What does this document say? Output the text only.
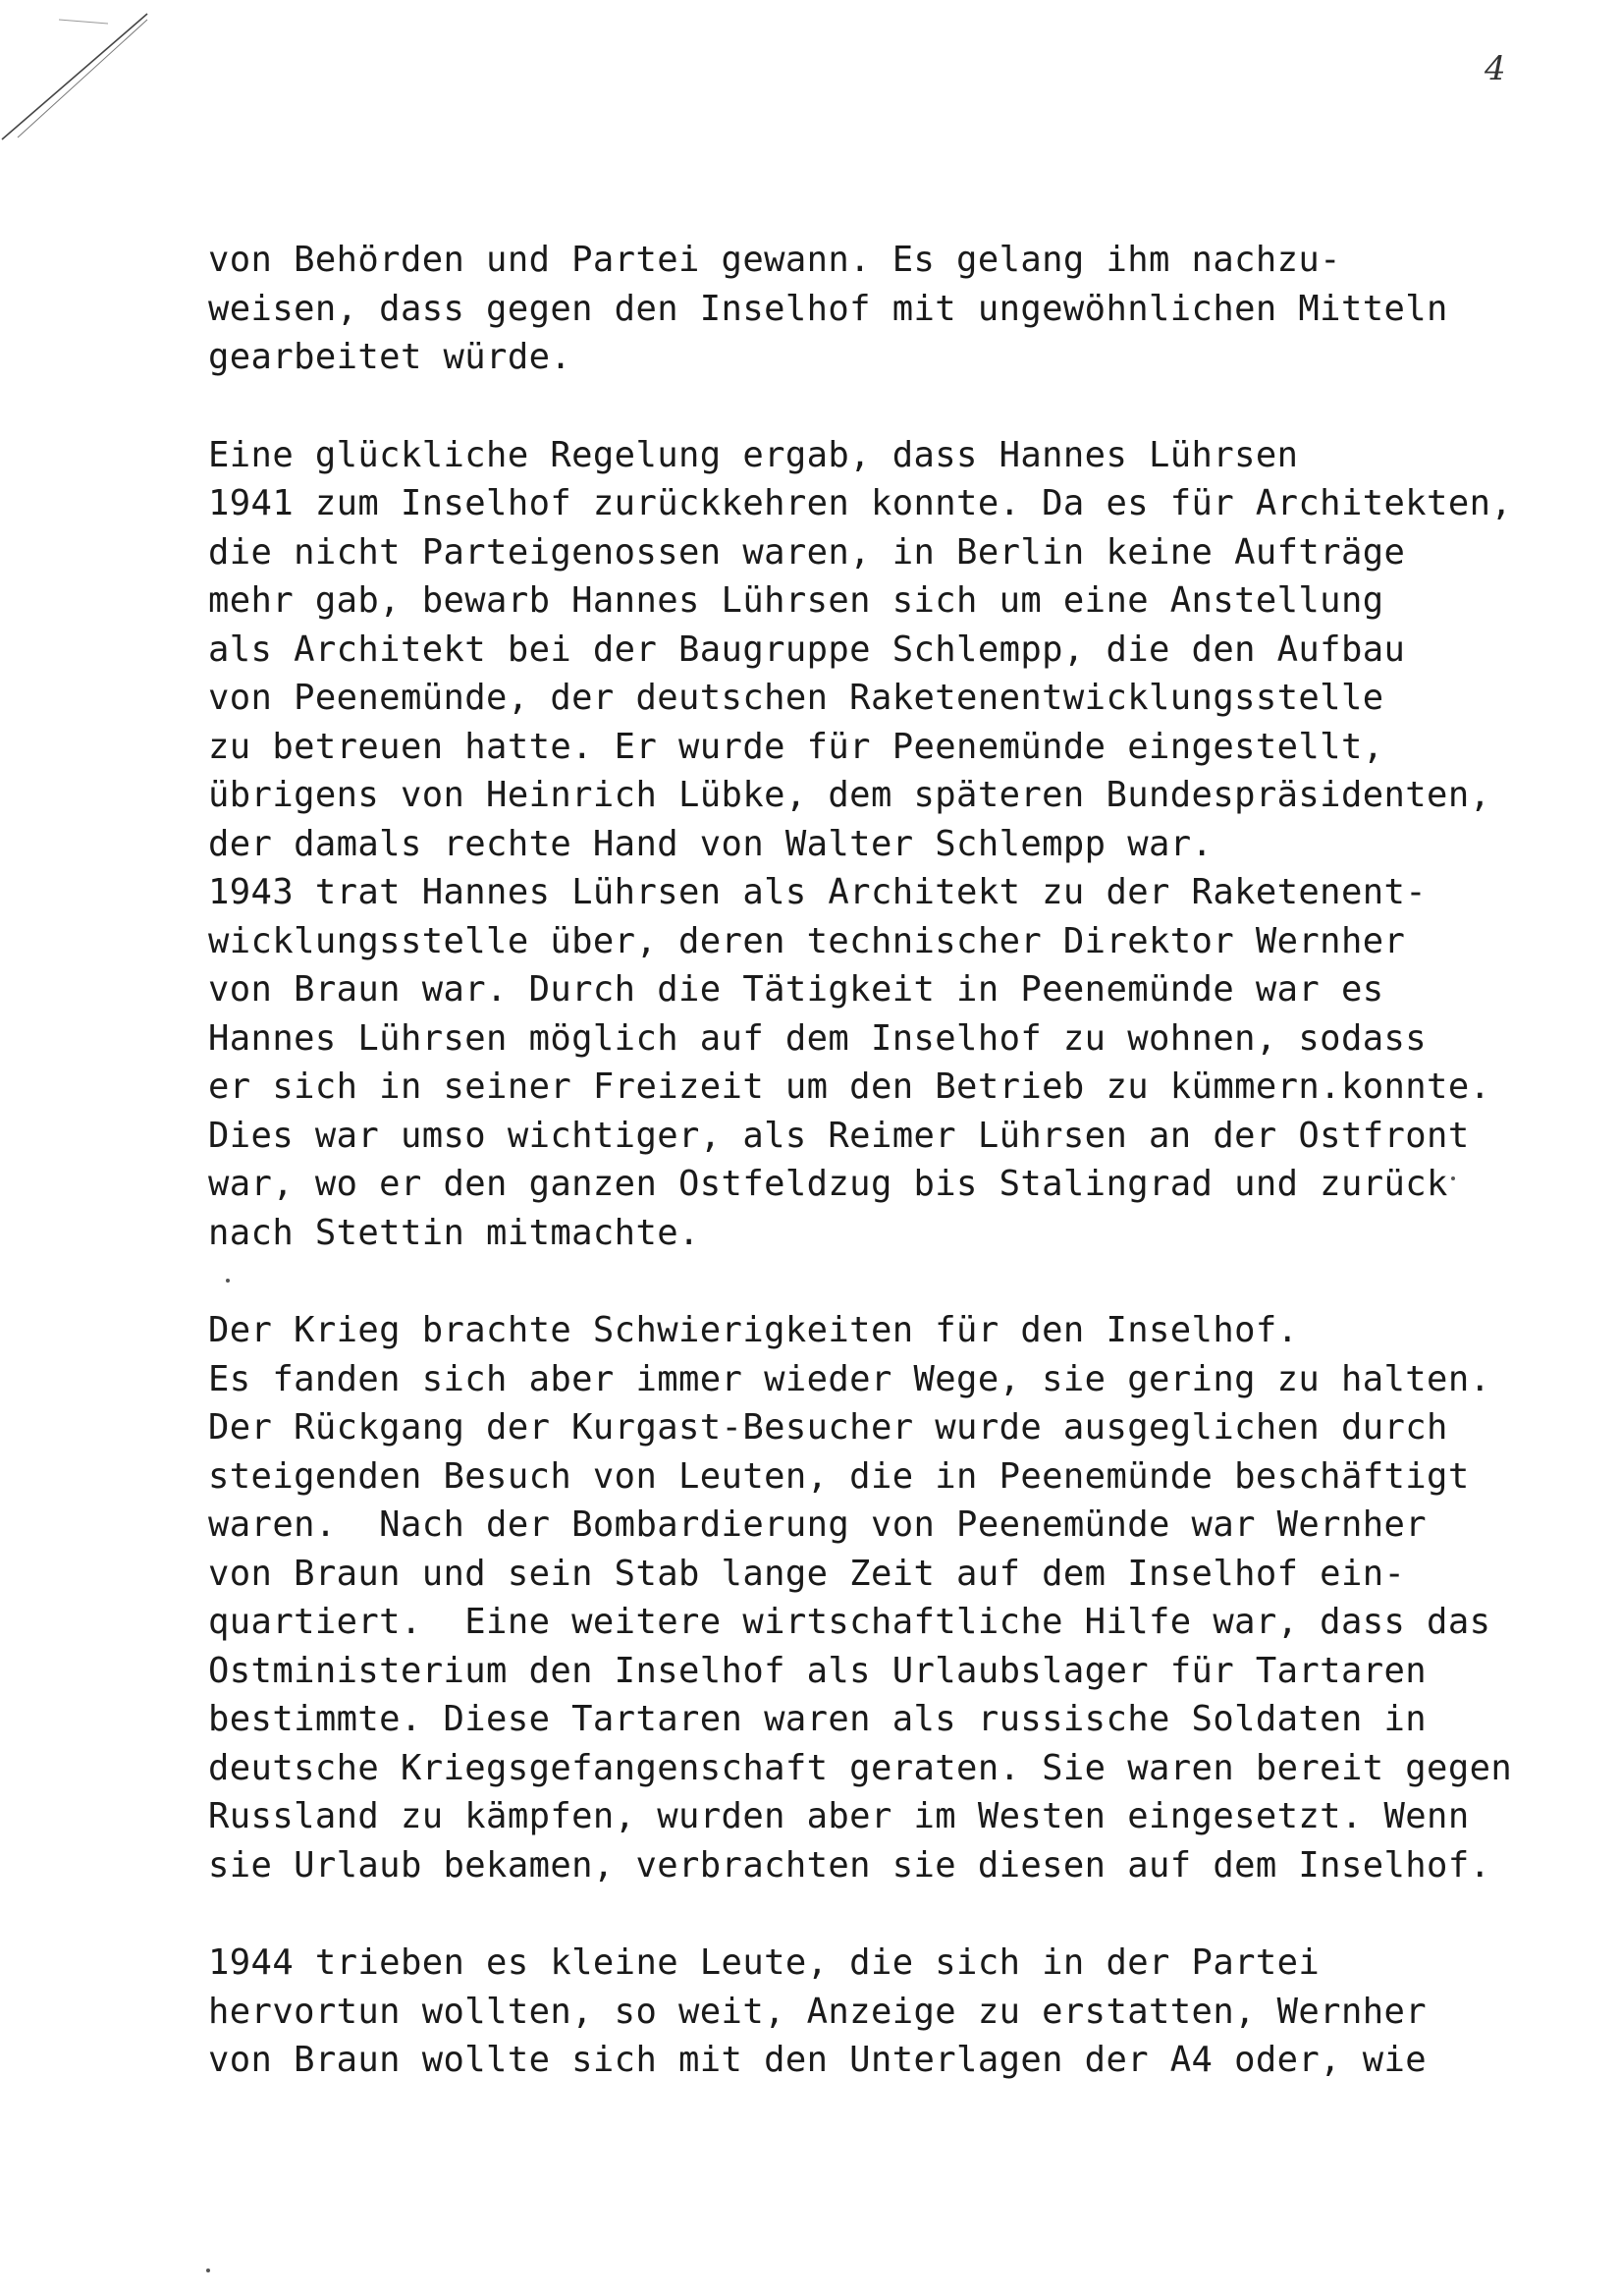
4
von Behörden und Partei gewann. Es gelang ihm nachzu-
weisen, dass gegen den Inselhof mit ungewöhnlichen Mitteln
gearbeitet würde.
Eine glückliche Regelung ergab, dass Hannes Lührsen
1941 zum Inselhof zurückkehren konnte. Da es für Architekten,
die nicht Parteigenossen waren, in Berlin keine Aufträge
mehr gab, bewarb Hannes Lührsen sich um eine Anstellung
als Architekt bei der Baugruppe Schlempp, die den Aufbau
von Peenemünde, der deutschen Raketenentwicklungsstelle
zu betreuen hatte. Er wurde für Peenemünde eingestellt,
übrigens von Heinrich Lübke, dem späteren Bundespräsidenten,
der damals rechte Hand von Walter Schlempp war.
1943 trat Hannes Lührsen als Architekt zu der Raketenent-
wicklungsstelle über, deren technischer Direktor Wernher
von Braun war. Durch die Tätigkeit in Peenemünde war es
Hannes Lührsen möglich auf dem Inselhof zu wohnen, sodass
er sich in seiner Freizeit um den Betrieb zu kümmern.konnte.
Dies war umso wichtiger, als Reimer Lührsen an der Ostfront
war, wo er den ganzen Ostfeldzug bis Stalingrad und zurück
nach Stettin mitmachte.
Der Krieg brachte Schwierigkeiten für den Inselhof.
Es fanden sich aber immer wieder Wege, sie gering zu halten.
Der Rückgang der Kurgast-Besucher wurde ausgeglichen durch
steigenden Besuch von Leuten, die in Peenemünde beschäftigt
waren.  Nach der Bombardierung von Peenemünde war Wernher
von Braun und sein Stab lange Zeit auf dem Inselhof ein-
quartiert.  Eine weitere wirtschaftliche Hilfe war, dass das
Ostministerium den Inselhof als Urlaubslager für Tartaren
bestimmte. Diese Tartaren waren als russische Soldaten in
deutsche Kriegsgefangenschaft geraten. Sie waren bereit gegen
Russland zu kämpfen, wurden aber im Westen eingesetzt. Wenn
sie Urlaub bekamen, verbrachten sie diesen auf dem Inselhof.
1944 trieben es kleine Leute, die sich in der Partei
hervortun wollten, so weit, Anzeige zu erstatten, Wernher
von Braun wollte sich mit den Unterlagen der A4 oder, wie
